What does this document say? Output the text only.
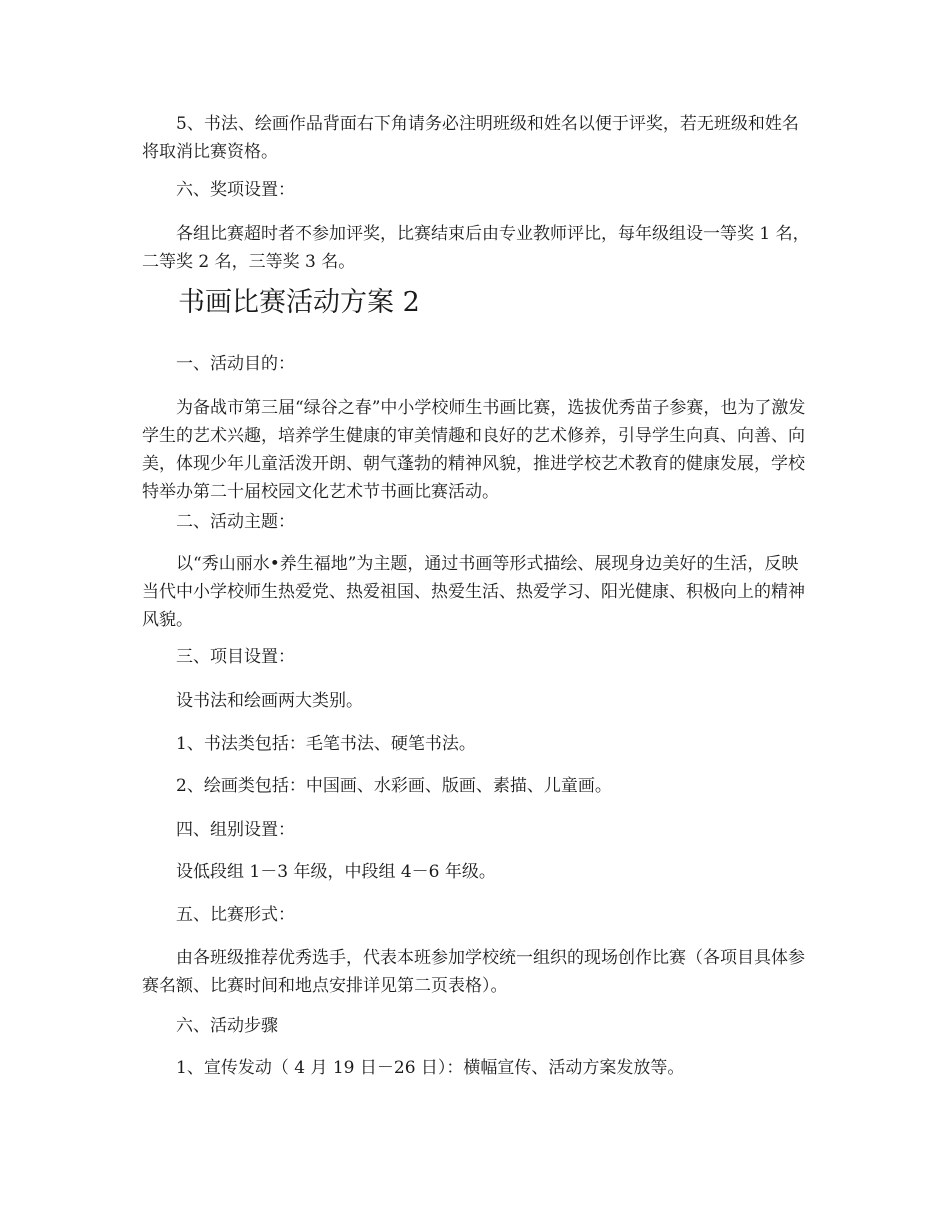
5、书法、绘画作品背面右下角请务必注明班级和姓名以便于评奖，若无班级和姓名将取消比赛资格。

六、奖项设置：

各组比赛超时者不参加评奖，比赛结束后由专业教师评比，每年级组设一等奖 1 名，二等奖 2 名，三等奖 3 名。

书画比赛活动方案 2

一、活动目的：

为备战市第三届“绿谷之春”中小学校师生书画比赛，选拔优秀苗子参赛，也为了激发学生的艺术兴趣，培养学生健康的审美情趣和良好的艺术修养，引导学生向真、向善、向美，体现少年儿童活泼开朗、朝气蓬勃的精神风貌，推进学校艺术教育的健康发展，学校特举办第二十届校园文化艺术节书画比赛活动。

二、活动主题：

以“秀山丽水•养生福地”为主题，通过书画等形式描绘、展现身边美好的生活，反映当代中小学校师生热爱党、热爱祖国、热爱生活、热爱学习、阳光健康、积极向上的精神风貌。

三、项目设置：

设书法和绘画两大类别。

1、书法类包括：毛笔书法、硬笔书法。

2、绘画类包括：中国画、水彩画、版画、素描、儿童画。

四、组别设置：

设低段组 1－3 年级，中段组 4－6 年级。

五、比赛形式：

由各班级推荐优秀选手，代表本班参加学校统一组织的现场创作比赛（各项目具体参赛名额、比赛时间和地点安排详见第二页表格）。

六、活动步骤

1、宣传发动（ 4 月 19 日－26 日）：横幅宣传、活动方案发放等。
